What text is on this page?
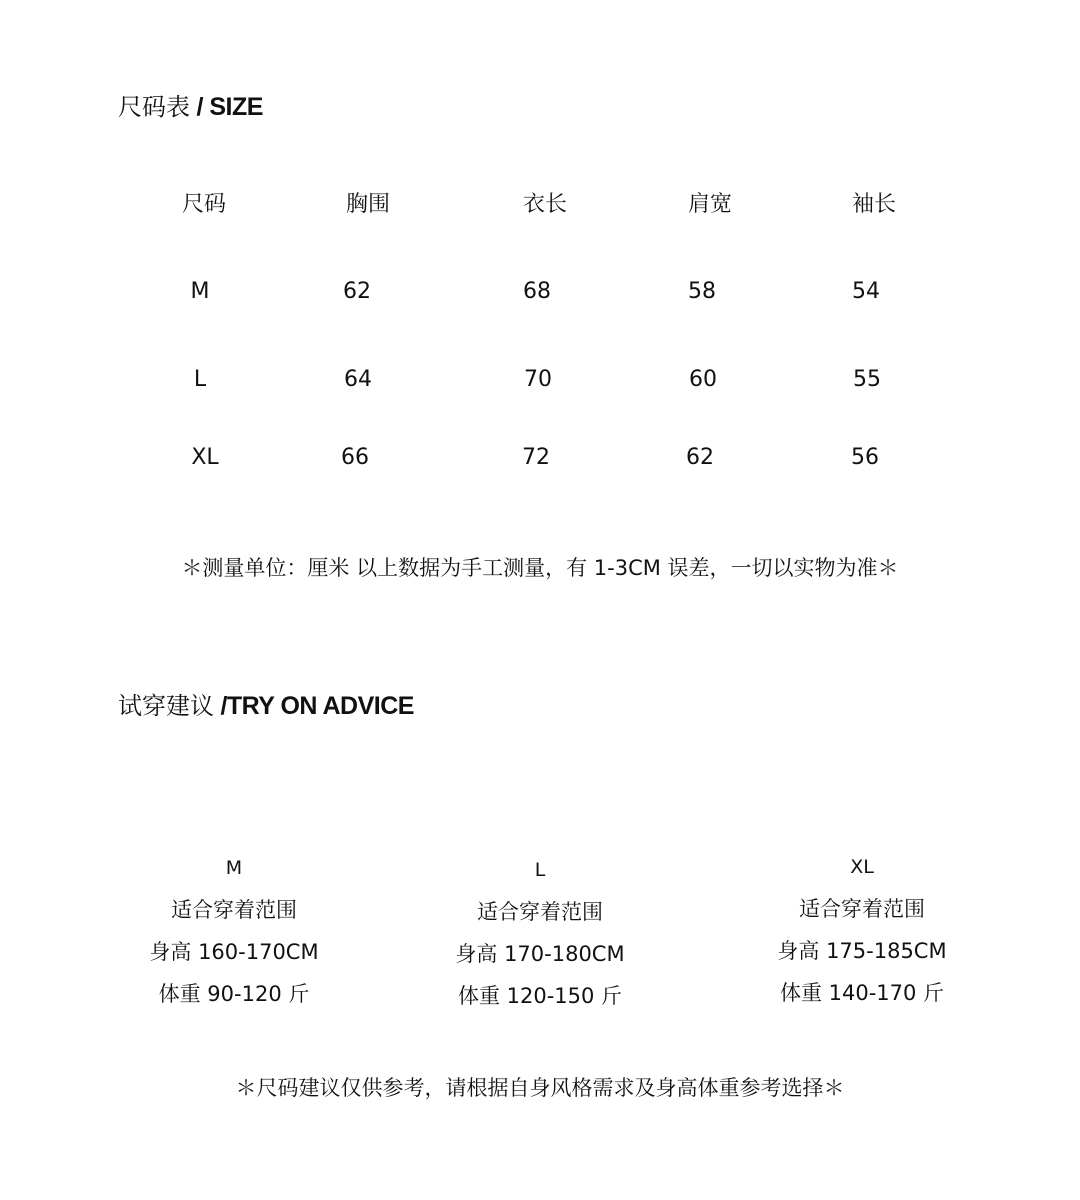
尺码表 / SIZE
尺码	胸围	衣长	肩宽	袖长
M	62	68	58	54
L	64	70	60	55
XL	66	72	62	56
＊测量单位：厘米 以上数据为手工测量，有 1-3CM 误差，一切以实物为准＊
试穿建议 /TRY ON ADVICE
M
适合穿着范围
身高 160-170CM
体重 90-120 斤
L
适合穿着范围
身高 170-180CM
体重 120-150 斤
XL
适合穿着范围
身高 175-185CM
体重 140-170 斤
＊尺码建议仅供参考，请根据自身风格需求及身高体重参考选择＊
